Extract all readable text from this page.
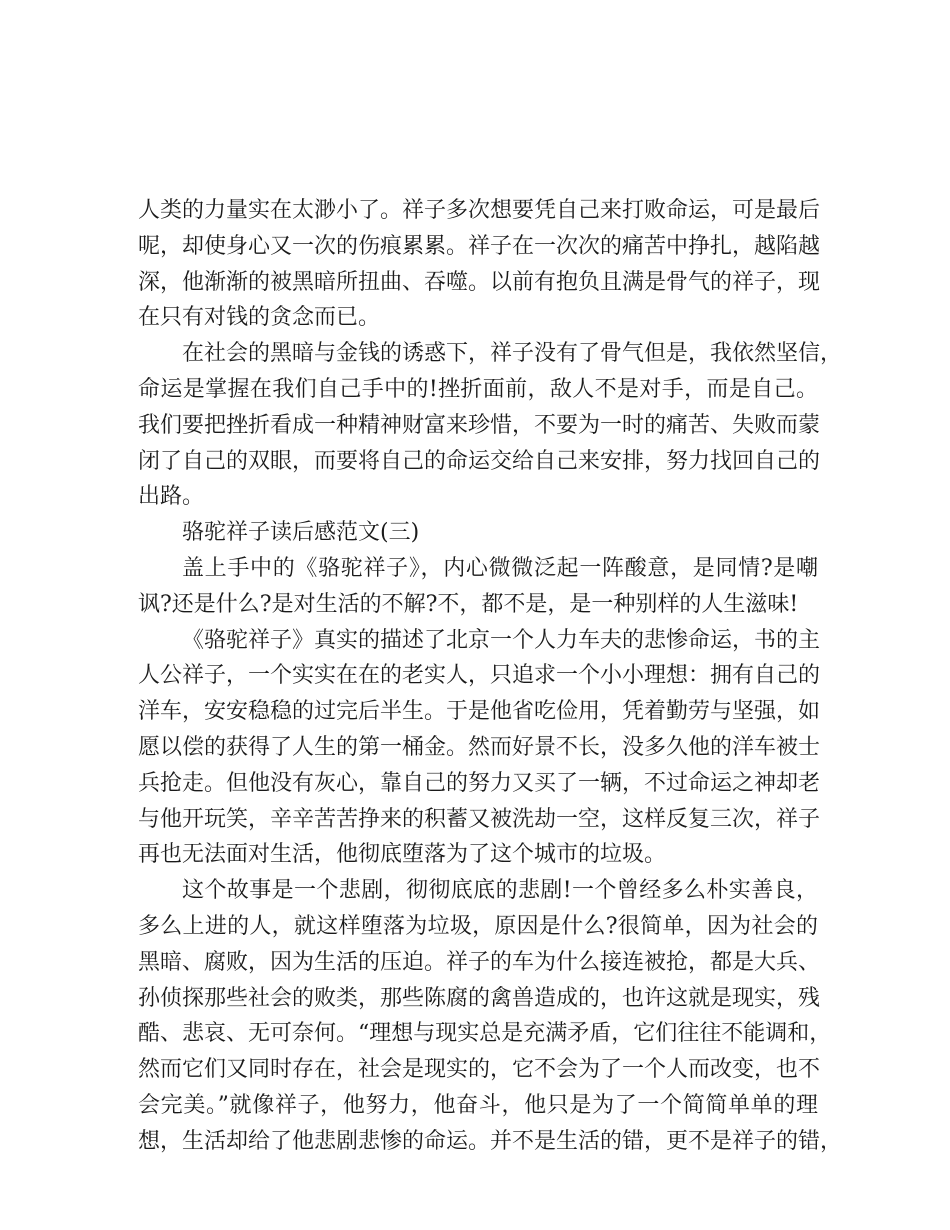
人类的力量实在太渺小了。祥子多次想要凭自己来打败命运，可是最后
呢，却使身心又一次的伤痕累累。祥子在一次次的痛苦中挣扎，越陷越
深，他渐渐的被黑暗所扭曲、吞噬。以前有抱负且满是骨气的祥子，现
在只有对钱的贪念而已。
在社会的黑暗与金钱的诱惑下，祥子没有了骨气但是，我依然坚信，
命运是掌握在我们自己手中的!挫折面前，敌人不是对手，而是自己。
我们要把挫折看成一种精神财富来珍惜，不要为一时的痛苦、失败而蒙
闭了自己的双眼，而要将自己的命运交给自己来安排，努力找回自己的
出路。
骆驼祥子读后感范文(三)
盖上手中的《骆驼祥子》，内心微微泛起一阵酸意，是同情?是嘲
讽?还是什么?是对生活的不解?不，都不是，是一种别样的人生滋味!
《骆驼祥子》真实的描述了北京一个人力车夫的悲惨命运，书的主
人公祥子，一个实实在在的老实人，只追求一个小小理想：拥有自己的
洋车，安安稳稳的过完后半生。于是他省吃俭用，凭着勤劳与坚强，如
愿以偿的获得了人生的第一桶金。然而好景不长，没多久他的洋车被士
兵抢走。但他没有灰心，靠自己的努力又买了一辆，不过命运之神却老
与他开玩笑，辛辛苦苦挣来的积蓄又被洗劫一空，这样反复三次，祥子
再也无法面对生活，他彻底堕落为了这个城市的垃圾。
这个故事是一个悲剧，彻彻底底的悲剧!一个曾经多么朴实善良，
多么上进的人，就这样堕落为垃圾，原因是什么?很简单，因为社会的
黑暗、腐败，因为生活的压迫。祥子的车为什么接连被抢，都是大兵、
孙侦探那些社会的败类，那些陈腐的禽兽造成的，也许这就是现实，残
酷、悲哀、无可奈何。“理想与现实总是充满矛盾，它们往往不能调和，
然而它们又同时存在，社会是现实的，它不会为了一个人而改变，也不
会完美。”就像祥子，他努力，他奋斗，他只是为了一个简简单单的理
想，生活却给了他悲剧悲惨的命运。并不是生活的错，更不是祥子的错，
